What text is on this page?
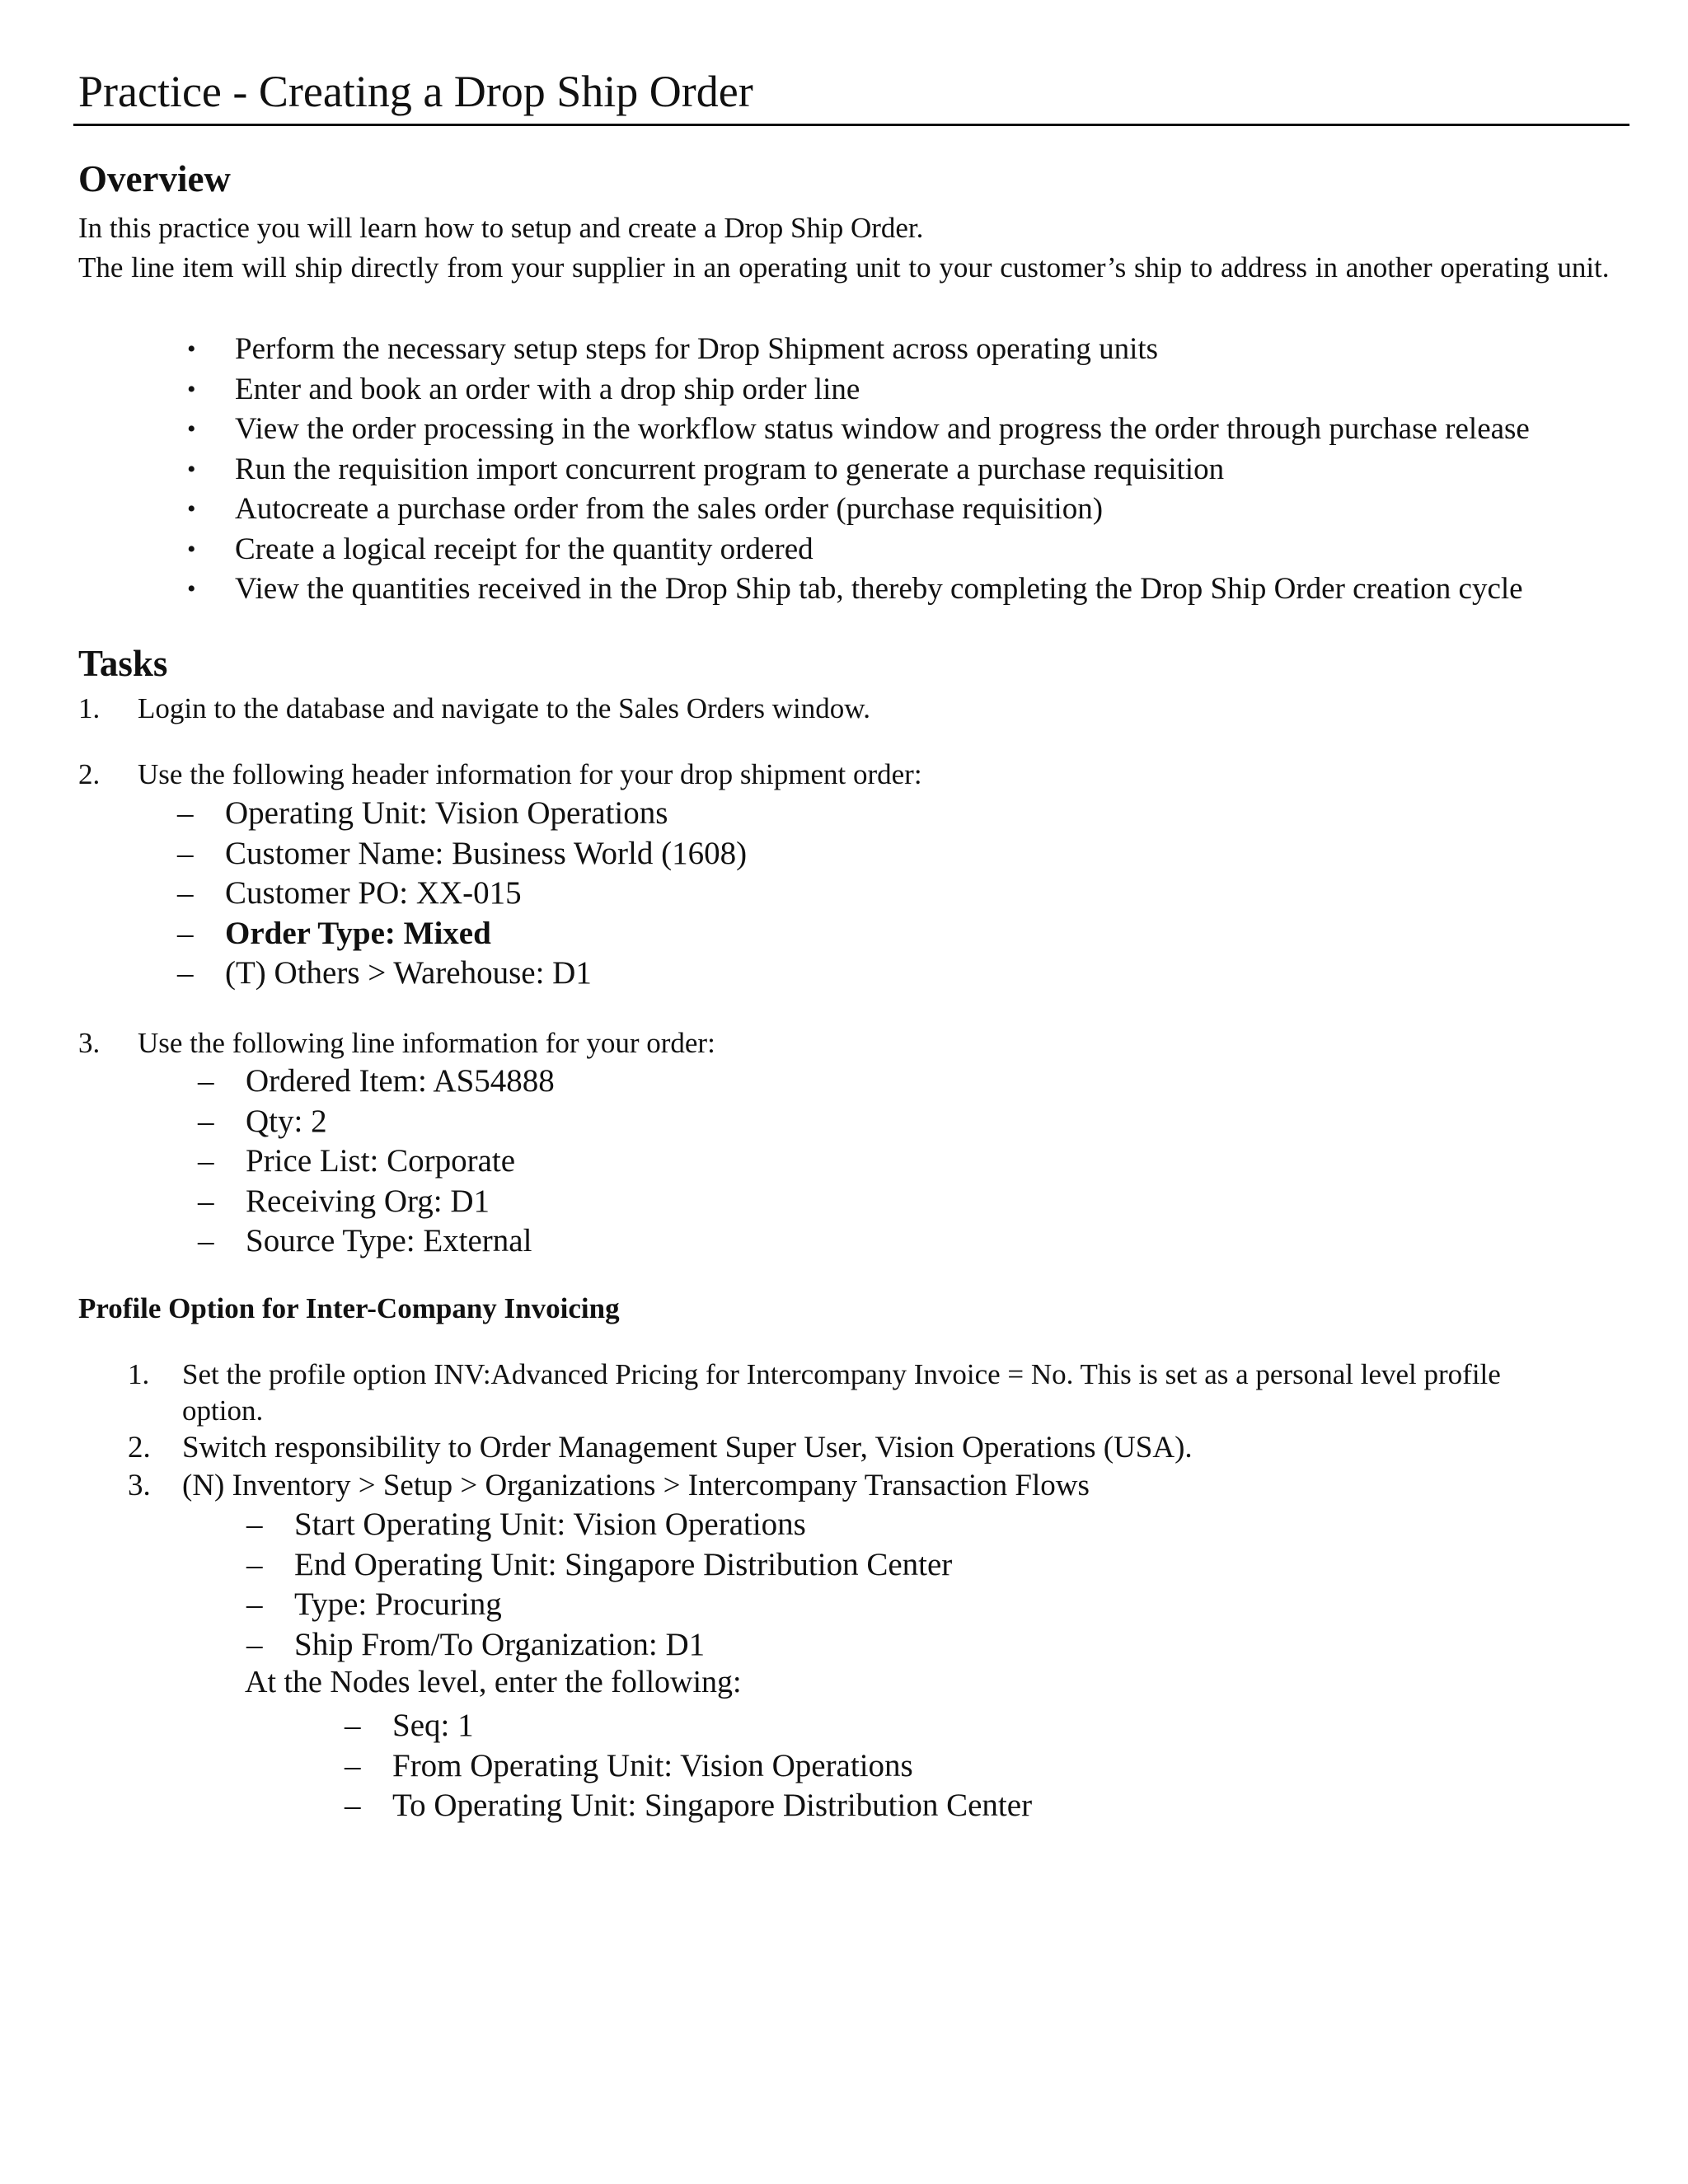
Practice - Creating a Drop Ship Order
Overview

In this practice you will learn how to setup and create a Drop Ship Order.

The line item will ship directly from your supplier in an operating unit to your customer’s ship to address in another operating unit.

• Perform the necessary setup steps for Drop Shipment across operating units
• Enter and book an order with a drop ship order line
• View the order processing in the workflow status window and progress the order through purchase release
• Run the requisition import concurrent program to generate a purchase requisition
• Autocreate a purchase order from the sales order (purchase requisition)
• Create a logical receipt for the quantity ordered
• View the quantities received in the Drop Ship tab, thereby completing the Drop Ship Order creation cycle
Tasks
1. Login to the database and navigate to the Sales Orders window.
2. Use the following header information for your drop shipment order:
– Operating Unit: Vision Operations
– Customer Name: Business World (1608)
– Customer PO: XX-015
– Order Type: Mixed
– (T) Others > Warehouse: D1
3. Use the following line information for your order:
– Ordered Item: AS54888
– Qty: 2
– Price List: Corporate
– Receiving Org: D1
– Source Type: External

Profile Option for Inter-Company Invoicing

1. Set the profile option INV:Advanced Pricing for Intercompany Invoice = No. This is set as a personal level profile
option.
2. Switch responsibility to Order Management Super User, Vision Operations (USA).
3. (N) Inventory > Setup > Organizations > Intercompany Transaction Flows
– Start Operating Unit: Vision Operations
– End Operating Unit: Singapore Distribution Center
– Type: Procuring
– Ship From/To Organization: D1

At the Nodes level, enter the following:

– Seq: 1
– From Operating Unit: Vision Operations
– To Operating Unit: Singapore Distribution Center
